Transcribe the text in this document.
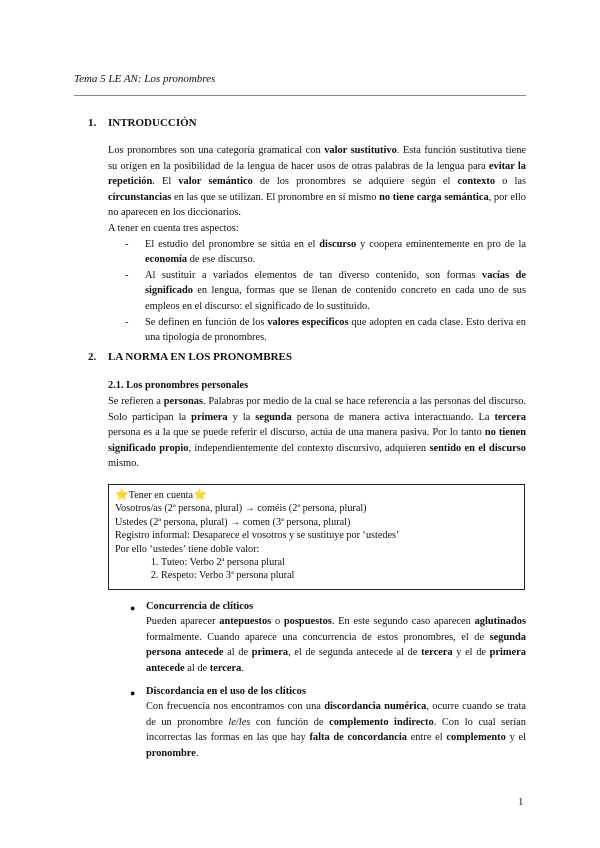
Tema 5 LE AN: Los pronombres
1. INTRODUCCIÓN

Los pronombres son una categoría gramatical con valor sustitutivo. Esta función sustitutiva tiene su origen en la posibilidad de la lengua de hacer usos de otras palabras de la lengua para evitar la repetición. El valor semántico de los pronombres se adquiere según el contexto o las circunstancias en las que se utilizan. El pronombre en sí mismo no tiene carga semántica, por ello no aparecen en los diccionarios.

A tener en cuenta tres aspectos:

- El estudio del pronombre se sitúa en el discurso y coopera eminentemente en pro de la economía de ese discurso.
- Al sustituir a variados elementos de tan diverso contenido, son formas vacías de significado en lengua, formas que se llenan de contenido concreto en cada uno de sus empleos en el discurso: el significado de lo sustituido.
- Se definen en función de los valores específicos que adopten en cada clase. Esto deriva en una tipología de pronombres.
2. LA NORMA EN LOS PRONOMBRES
2.1. Los pronombres personales

Se refieren a personas. Palabras por medio de la cual se hace referencia a las personas del discurso. Solo participan la primera y la segunda persona de manera activa interactuando. La tercera persona es a la que se puede referir el discurso, actúa de una manera pasiva. Por lo tanto no tienen significado propio, independientemente del contexto discursivo, adquieren sentido en el discurso mismo.

⭐Tener en cuenta⭐
Vosotros/as (2ª persona, plural) → coméis (2ª persona, plural)
Ustedes (2ª persona, plural) → comen (3ª persona, plural)
Registro informal: Desaparece el vosotros y se sustituye por ‘ustedes’
Por ello ‘ustedes’ tiene doble valor:
1. Tuteo: Verbo 2ª persona plural
2. Respeto: Verbo 3ª persona plural
●	Concurrencia de clíticos

Pueden aparecer antepuestos o pospuestos. En este segundo caso aparecen aglutinados formalmente. Cuando aparece una concurrencia de estos pronombres, el de segunda persona antecede al de primera, el de segunda antecede al de tercera y el de primera antecede al de tercera.

●	Discordancia en el uso de los clíticos

Con frecuencia nos encontramos con una discordancia numérica, ocurre cuando se trata de un pronombre le/les con función de complemento indirecto. Con lo cual serían incorrectas las formas en las que hay falta de concordancia entre el complemento y el pronombre.

1
